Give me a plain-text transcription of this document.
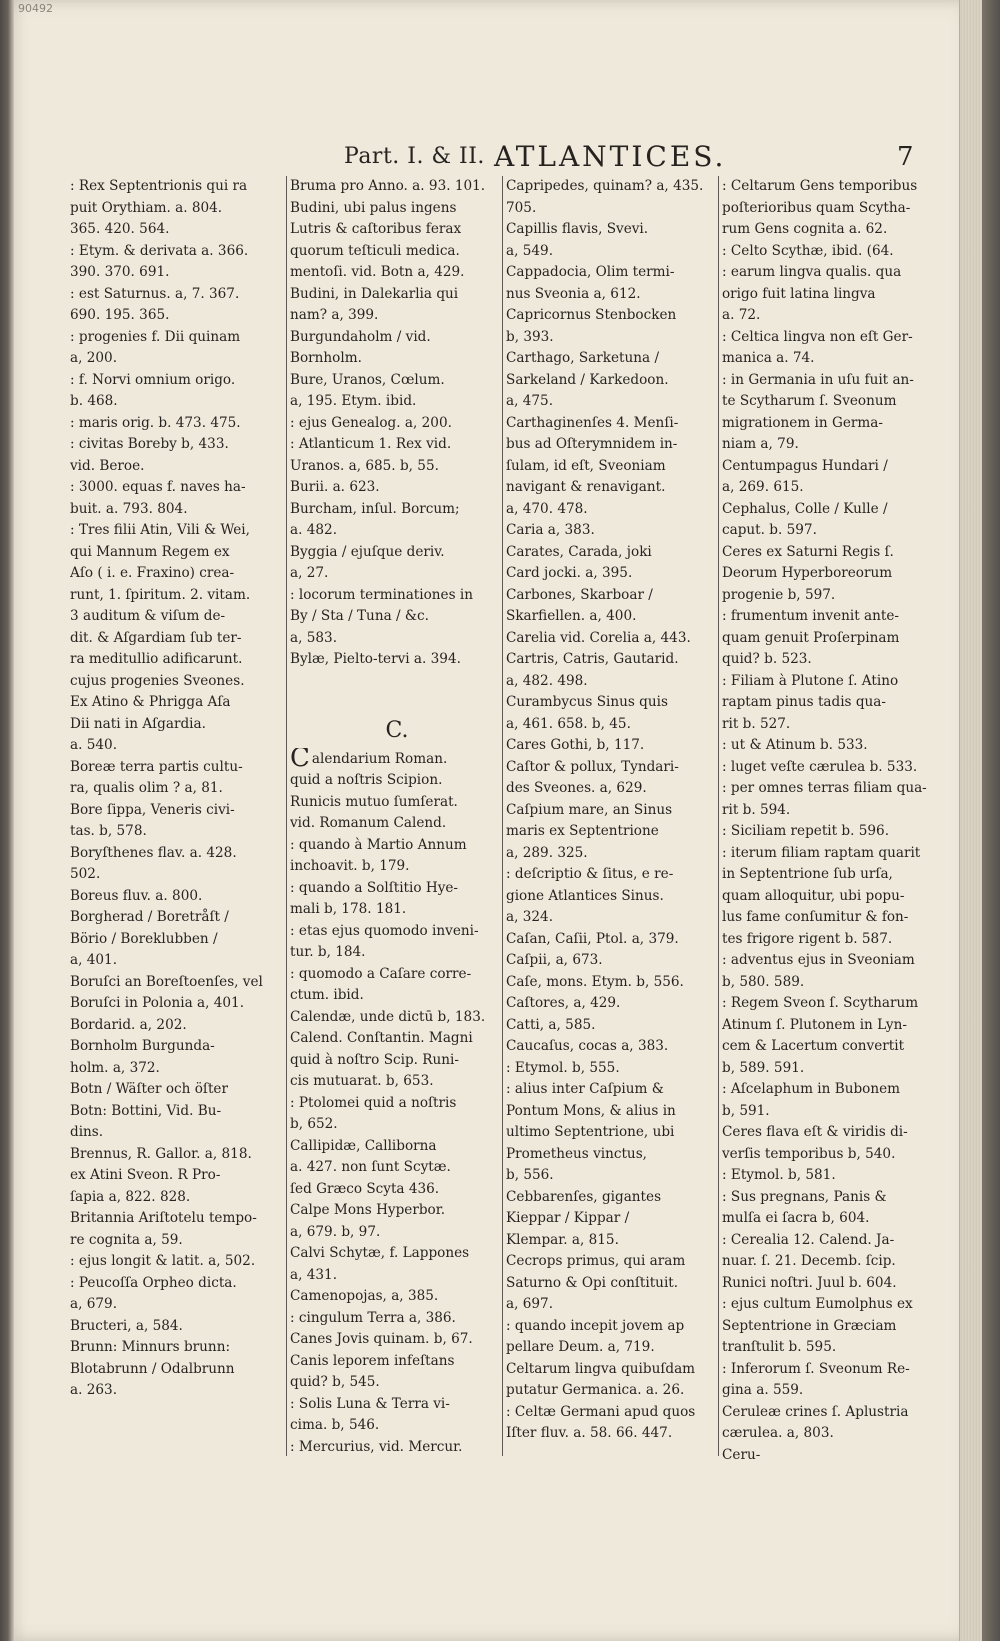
90492
Part. I. & II. ATLANTICES.	7
: Rex Septentrionis qui ra
puit Orythiam. a. 804.
365. 420. 564.
: Etym. & derivata a. 366.
390. 370. 691.
: est Saturnus. a, 7. 367.
690. 195. 365.
: progenies f. Dii quinam
a, 200.
: f. Norvi omnium origo.
b. 468.
: maris orig. b. 473. 475.
: civitas Boreby b, 433.
vid. Beroe.
: 3000. equas f. naves ha-
buit. a. 793. 804.
: Tres filii Atin, Vili & Wei,
qui Mannum Regem ex
Aſo ( i. e. Fraxino) crea-
runt, 1. ſpiritum. 2. vitam.
3 auditum & viſum de-
dit. & Aſgardiam ſub ter-
ra meditullio adificarunt.
cujus progenies Sveones.
Ex Atino & Phrigga Aſa
Dii nati in Aſgardia.
a. 540.
Boreæ terra partis cultu-
ra, qualis olim ? a, 81.
Bore ſippa, Veneris civi-
tas. b, 578.
Boryſthenes flav. a. 428.
502.
Boreus fluv. a. 800.
Borgherad / Boretråſt /
Börio / Boreklubben /
a, 401.
Boruſci an Boreſtoenſes, vel
Boruſci in Polonia a, 401.
Bordarid. a, 202.
Bornholm Burgunda-
holm. a, 372.
Botn / Wäſter och öſter
Botn: Bottini, Vid. Bu-
dins.
Brennus, R. Gallor. a, 818.
ex Atini Sveon. R Pro-
ſapia a, 822. 828.
Britannia Ariſtotelu tempo-
re cognita a, 59.
: ejus longit & latit. a, 502.
: Peucoſſa Orpheo dicta.
a, 679.
Bructeri, a, 584.
Brunn: Minnurs brunn:
Blotabrunn / Odalbrunn
a. 263.
Bruma pro Anno. a. 93. 101.
Budini, ubi palus ingens
Lutris & caſtoribus ferax
quorum teſticuli medica.
mentoſi. vid. Botn a, 429.
Budini, in Dalekarlia qui
nam? a, 399.
Burgundaholm / vid.
Bornholm.
Bure, Uranos, Cœlum.
a, 195. Etym. ibid.
: ejus Genealog. a, 200.
: Atlanticum 1. Rex vid.
Uranos. a, 685. b, 55.
Burii. a. 623.
Burcham, inſul. Borcum;
a. 482.
Byggia / ejuſque deriv.
a, 27.
: locorum terminationes in
By / Sta / Tuna / &c.
a, 583.
Bylæ, Pielto-tervi a. 394.

C.
Calendarium Roman.
quid a noſtris Scipion.
Runicis mutuo ſumſerat.
vid. Romanum Calend.
: quando à Martio Annum
inchoavit. b, 179.
: quando a Solſtitio Hye-
mali b, 178. 181.
: etas ejus quomodo inveni-
tur. b, 184.
: quomodo a Caſare corre-
ctum. ibid.
Calendæ, unde dictū b, 183.
Calend. Conſtantin. Magni
quid à noſtro Scip. Runi-
cis mutuarat. b, 653.
: Ptolomei quid a noſtris
b, 652.
Callipidæ, Calliborna
a. 427. non ſunt Scytæ.
ſed Græco Scyta 436.
Calpe Mons Hyperbor.
a, 679. b, 97.
Calvi Schytæ, f. Lappones
a, 431.
Camenopojas, a, 385.
: cingulum Terra a, 386.
Canes Jovis quinam. b, 67.
Canis leporem infeſtans
quid? b, 545.
: Solis Luna & Terra vi-
cima. b, 546.
: Mercurius, vid. Mercur.
Capripedes, quinam? a, 435.
705.
Capillis flavis, Svevi.
a, 549.
Cappadocia, Olim termi-
nus Sveonia a, 612.
Capricornus Stenbocken
b, 393.
Carthago, Sarketuna /
Sarkeland / Karkedoon.
a, 475.
Carthaginenſes 4. Menſi-
bus ad Oſterymnidem in-
ſulam, id eſt, Sveoniam
navigant & renavigant.
a, 470. 478.
Caria a, 383.
Carates, Carada, joki
Card jocki. a, 395.
Carbones, Skarboar /
Skarfiellen. a, 400.
Carelia vid. Corelia a, 443.
Cartris, Catris, Gautarid.
a, 482. 498.
Curambycus Sinus quis
a, 461. 658. b, 45.
Cares Gothi, b, 117.
Caſtor & pollux, Tyndari-
des Sveones. a, 629.
Caſpium mare, an Sinus
maris ex Septentrione
a, 289. 325.
: deſcriptio & ſitus, e re-
gione Atlantices Sinus.
a, 324.
Caſan, Caſii, Ptol. a, 379.
Caſpii, a, 673.
Caſe, mons. Etym. b, 556.
Caſtores, a, 429.
Catti, a, 585.
Caucaſus, cocas a, 383.
: Etymol. b, 555.
: alius inter Caſpium &
Pontum Mons, & alius in
ultimo Septentrione, ubi
Prometheus vinctus,
b, 556.
Cebbarenſes, gigantes
Kieppar / Kippar /
Klempar. a, 815.
Cecrops primus, qui aram
Saturno & Opi conſtituit.
a, 697.
: quando incepit jovem ap
pellare Deum. a, 719.
Celtarum lingva quibuſdam
putatur Germanica. a. 26.
: Celtæ Germani apud quos
Iſter fluv. a. 58. 66. 447.
: Celtarum Gens temporibus
poſterioribus quam Scytha-
rum Gens cognita a. 62.
: Celto Scythæ, ibid. (64.
: earum lingva qualis. qua
origo fuit latina lingva
a. 72.
: Celtica lingva non eſt Ger-
manica a. 74.
: in Germania in uſu fuit an-
te Scytharum ſ. Sveonum
migrationem in Germa-
niam a, 79.
Centumpagus Hundari /
a, 269. 615.
Cephalus, Colle / Kulle /
caput. b. 597.
Ceres ex Saturni Regis ſ.
Deorum Hyperboreorum
progenie b, 597.
: frumentum invenit ante-
quam genuit Proſerpinam
quid? b. 523.
: Filiam à Plutone ſ. Atino
raptam pinus tadis qua-
rit b. 527.
: ut & Atinum b. 533.
: luget veſte cærulea b. 533.
: per omnes terras filiam qua-
rit b. 594.
: Siciliam repetit b. 596.
: iterum filiam raptam quarit
in Septentrione ſub urſa,
quam alloquitur, ubi popu-
lus fame conſumitur & fon-
tes frigore rigent b. 587.
: adventus ejus in Sveoniam
b, 580. 589.
: Regem Sveon ſ. Scytharum
Atinum ſ. Plutonem in Lyn-
cem & Lacertum convertit
b, 589. 591.
: Aſcelaphum in Bubonem
b, 591.
Ceres flava eſt & viridis di-
verſis temporibus b, 540.
: Etymol. b, 581.
: Sus pregnans, Panis &
mulſa ei ſacra b, 604.
: Cerealia 12. Calend. Ja-
nuar. ſ. 21. Decemb. ſcip.
Runici noſtri. Juul b. 604.
: ejus cultum Eumolphus ex
Septentrione in Græciam
tranſtulit b. 595.
: Inferorum ſ. Sveonum Re-
gina a. 559.
Ceruleæ crines ſ. Aplustria
cærulea. a, 803.
Ceru-
